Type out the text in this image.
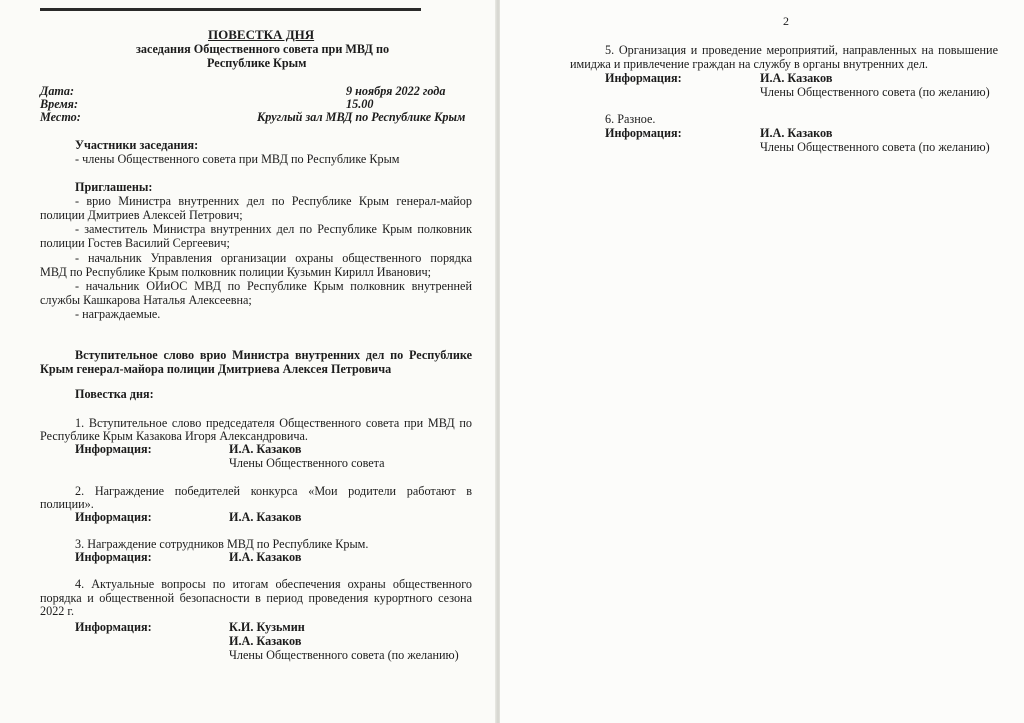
ПОВЕСТКА ДНЯ
заседания Общественного совета при МВД по
Республике Крым
Дата:	9 ноября 2022 года
Время:	15.00
Место:	Круглый зал МВД по Республике Крым
Участники заседания:
- члены Общественного совета при МВД по Республике Крым
Приглашены:
- врио Министра внутренних дел по Республике Крым генерал-майор
полиции Дмитриев Алексей Петрович;
- заместитель Министра внутренних дел по Республике Крым полковник
полиции Гостев Василий Сергеевич;
- начальник Управления организации охраны общественного порядка
МВД по Республике Крым полковник полиции Кузьмин Кирилл Иванович;
- начальник ОИиОС МВД по Республике Крым полковник внутренней
службы Кашкарова Наталья Алексеевна;
- награждаемые.
Вступительное слово врио Министра внутренних дел по Республике
Крым генерал-майора полиции Дмитриева Алексея Петровича
Повестка дня:
1. Вступительное слово председателя Общественного совета при МВД по
Республике Крым Казакова Игоря Александровича.
Информация:	И.А. Казаков
Члены Общественного совета
2. Награждение победителей конкурса «Мои родители работают в
полиции».
Информация:	И.А. Казаков
3. Награждение сотрудников МВД по Республике Крым.
Информация:	И.А. Казаков
4. Актуальные вопросы по итогам обеспечения охраны общественного
порядка и общественной безопасности в период проведения курортного сезона
2022 г.
Информация:	К.И. Кузьмин
И.А. Казаков
Члены Общественного совета (по желанию)
2
5. Организация и проведение мероприятий, направленных на повышение
имиджа и привлечение граждан на службу в органы внутренних дел.
Информация:	И.А. Казаков
Члены Общественного совета (по желанию)
6. Разное.
Информация:	И.А. Казаков
Члены Общественного совета (по желанию)
